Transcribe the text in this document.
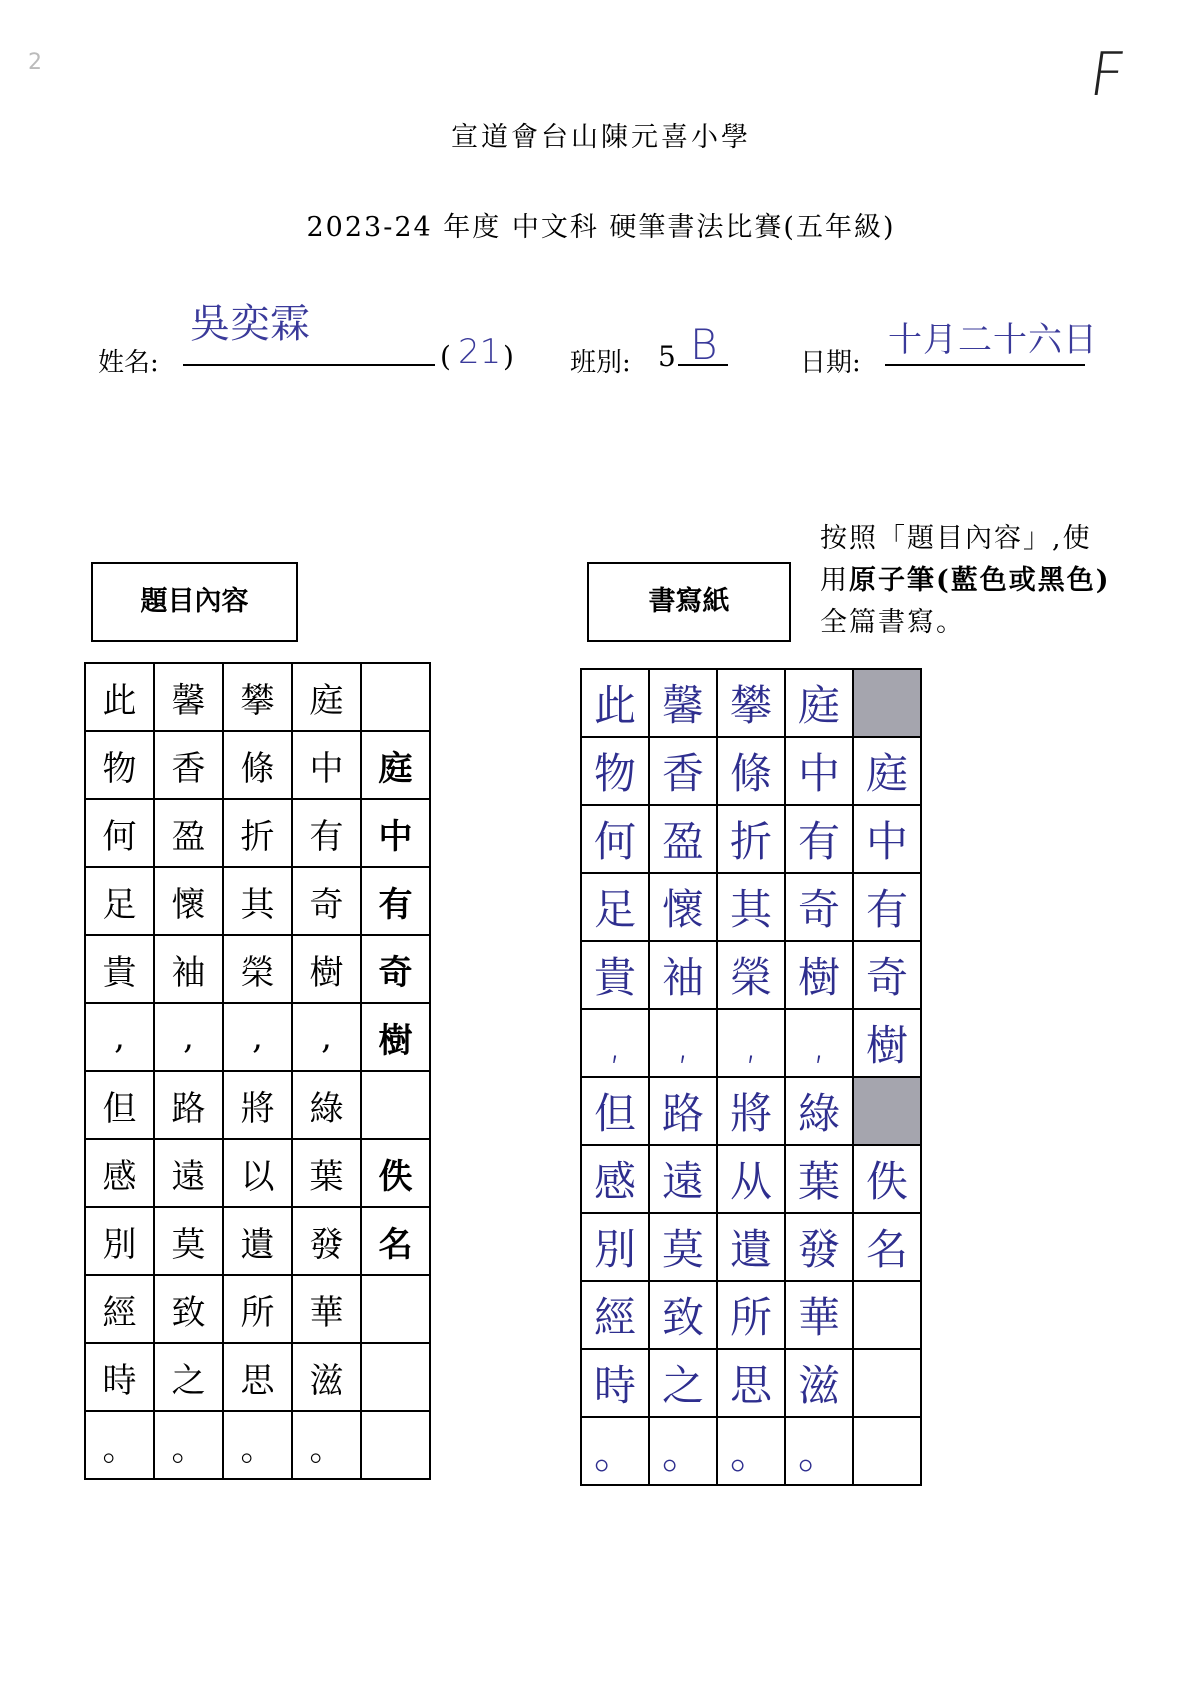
2	F
宣道會台山陳元喜小學
2023-24 年度 中文科 硬筆書法比賽(五年級)
姓名:
吳奕霖
( 21 ) 班別: 5 B	日期:
十月二十六日
按照「題目內容」,使
用原子筆(藍色或黑色)
全篇書寫。
題目內容	書寫紙
此	馨	攀	庭	
物	香	條	中	庭
何	盈	折	有	中
足	懷	其	奇	有
貴	袖	榮	樹	奇
,	,	,	,	樹
但	路	將	綠	
感	遠	以	葉	佚
別	莫	遺	發	名
經	致	所	華	
時	之	思	滋	
。	。	。	。	
此	馨	攀	庭	
物	香	條	中	庭
何	盈	折	有	中
足	懷	其	奇	有
貴	袖	榮	樹	奇
,	,	,	,	樹
但	路	將	綠	
感	遠	从	葉	佚
別	莫	遺	發	名
經	致	所	華	
時	之	思	滋	
。	。	。	。	
